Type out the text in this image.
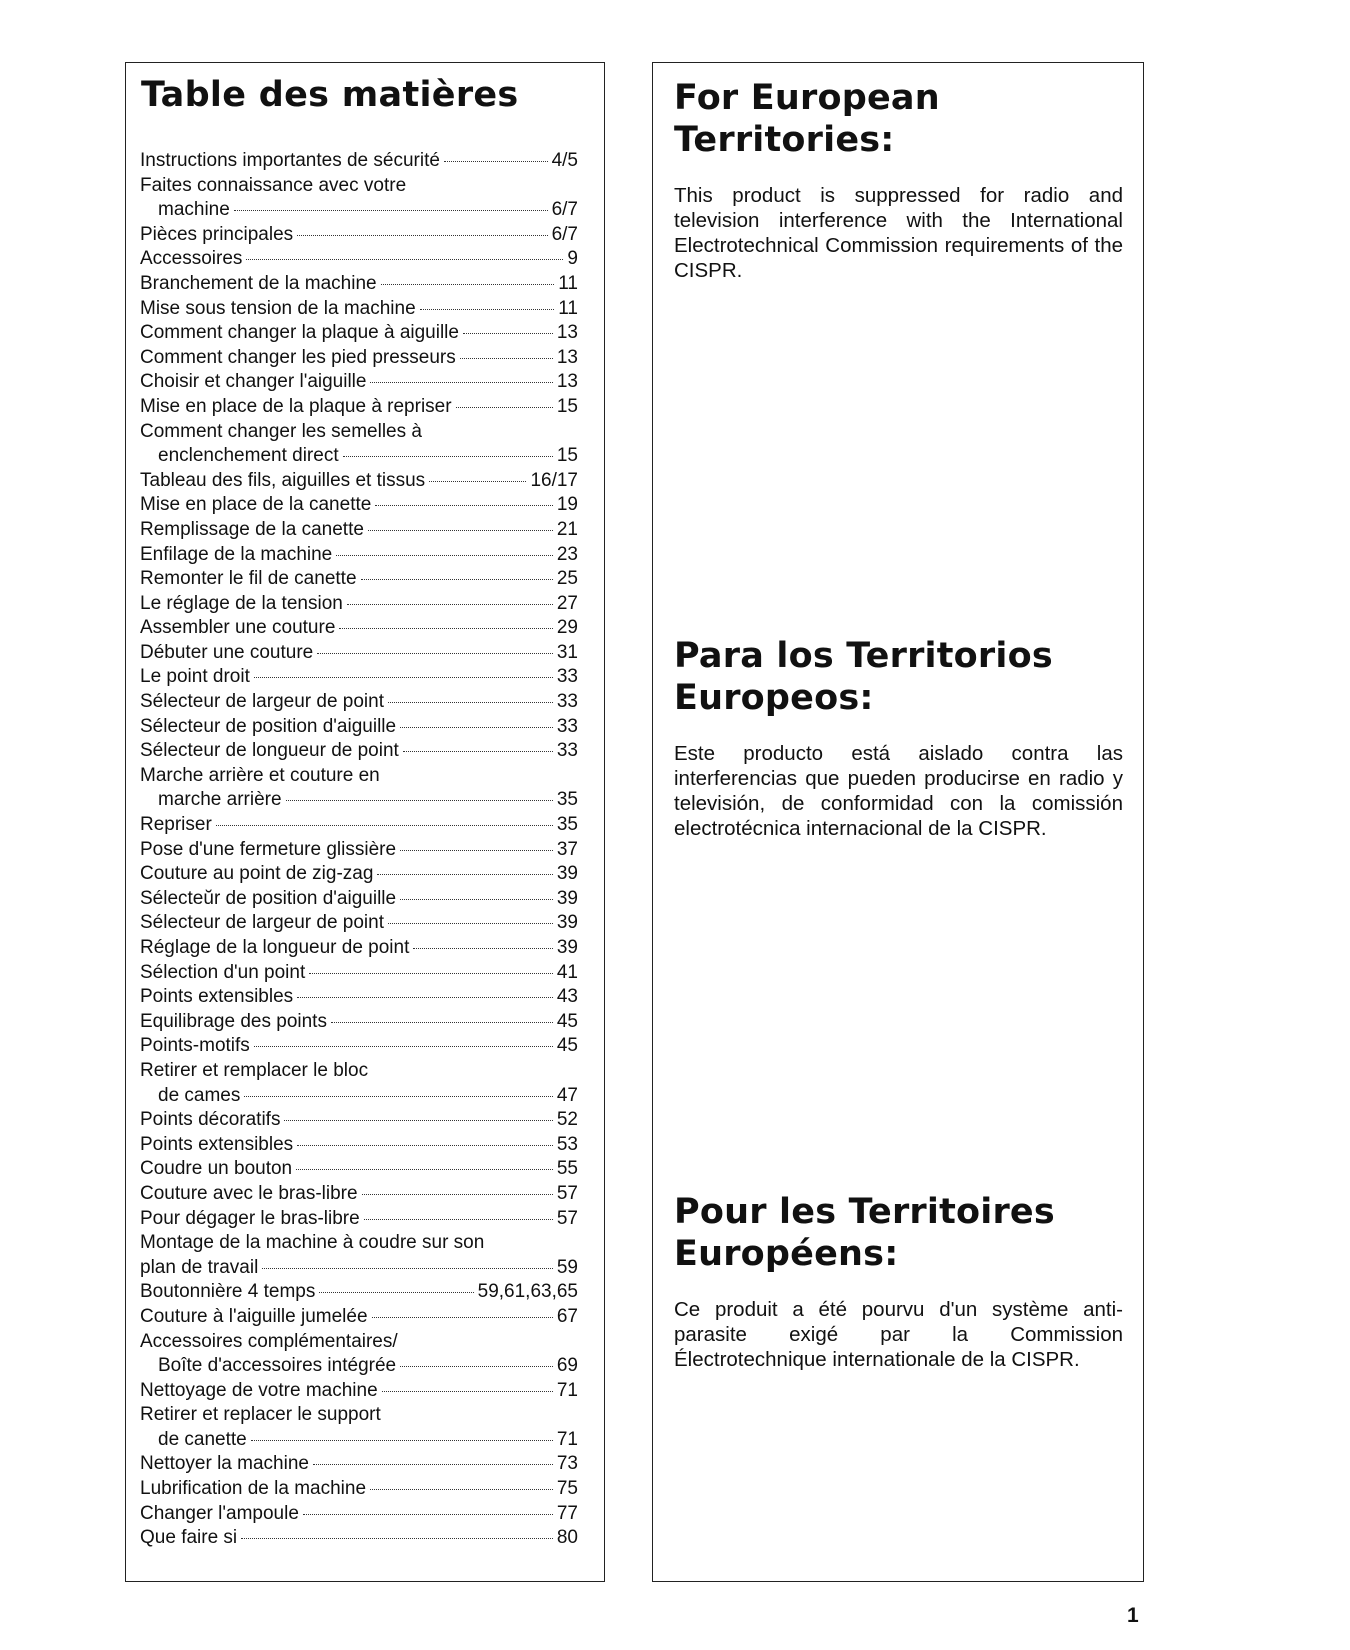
Table des matières
Instructions importantes de sécurité	4/5
Faites connaissance avec votre
machine	6/7
Pièces principales	6/7
Accessoires	9
Branchement de la machine	11
Mise sous tension de la machine	11
Comment changer la plaque à aiguille	13
Comment changer les pied presseurs	13
Choisir et changer l'aiguille	13
Mise en place de la plaque à repriser	15
Comment changer les semelles à
enclenchement direct	15
Tableau des fils, aiguilles et tissus	16/17
Mise en place de la canette	19
Remplissage de la canette	21
Enfilage de la machine	23
Remonter le fil de canette	25
Le réglage de la tension	27
Assembler une couture	29
Débuter une couture	31
Le point droit	33
Sélecteur de largeur de point	33
Sélecteur de position d'aiguille	33
Sélecteur de longueur de point	33
Marche arrière et couture en
marche arrière	35
Repriser	35
Pose d'une fermeture glissière	37
Couture au point de zig-zag	39
Sélecteŭr de position d'aiguille	39
Sélecteur de largeur de point	39
Réglage de la longueur de point	39
Sélection d'un point	41
Points extensibles	43
Equilibrage des points	45
Points-motifs	45
Retirer et remplacer le bloc
de cames	47
Points décoratifs	52
Points extensibles	53
Coudre un bouton	55
Couture avec le bras-libre	57
Pour dégager le bras-libre	57
Montage de la machine à coudre sur son
plan de travail	59
Boutonnière 4 temps	59,61,63,65
Couture à l'aiguille jumelée	67
Accessoires complémentaires/
Boîte d'accessoires intégrée	69
Nettoyage de votre machine	71
Retirer et replacer le support
de canette	71
Nettoyer la machine	73
Lubrification de la machine	75
Changer l'ampoule	77
Que faire si	80
For European Territories:

This product is suppressed for radio and television interference with the International Electrotechnical Commission requirements of the CISPR.

Para los Territorios Europeos:

Este producto está aislado contra las interferencias que pueden producirse en radio y televisión, de conformidad con la comissión electrotécnica internacional de la CISPR.

Pour les Territoires Européens:

Ce produit a été pourvu d'un système anti-parasite exigé par la Commission Électrotechnique internationale de la CISPR.

1
